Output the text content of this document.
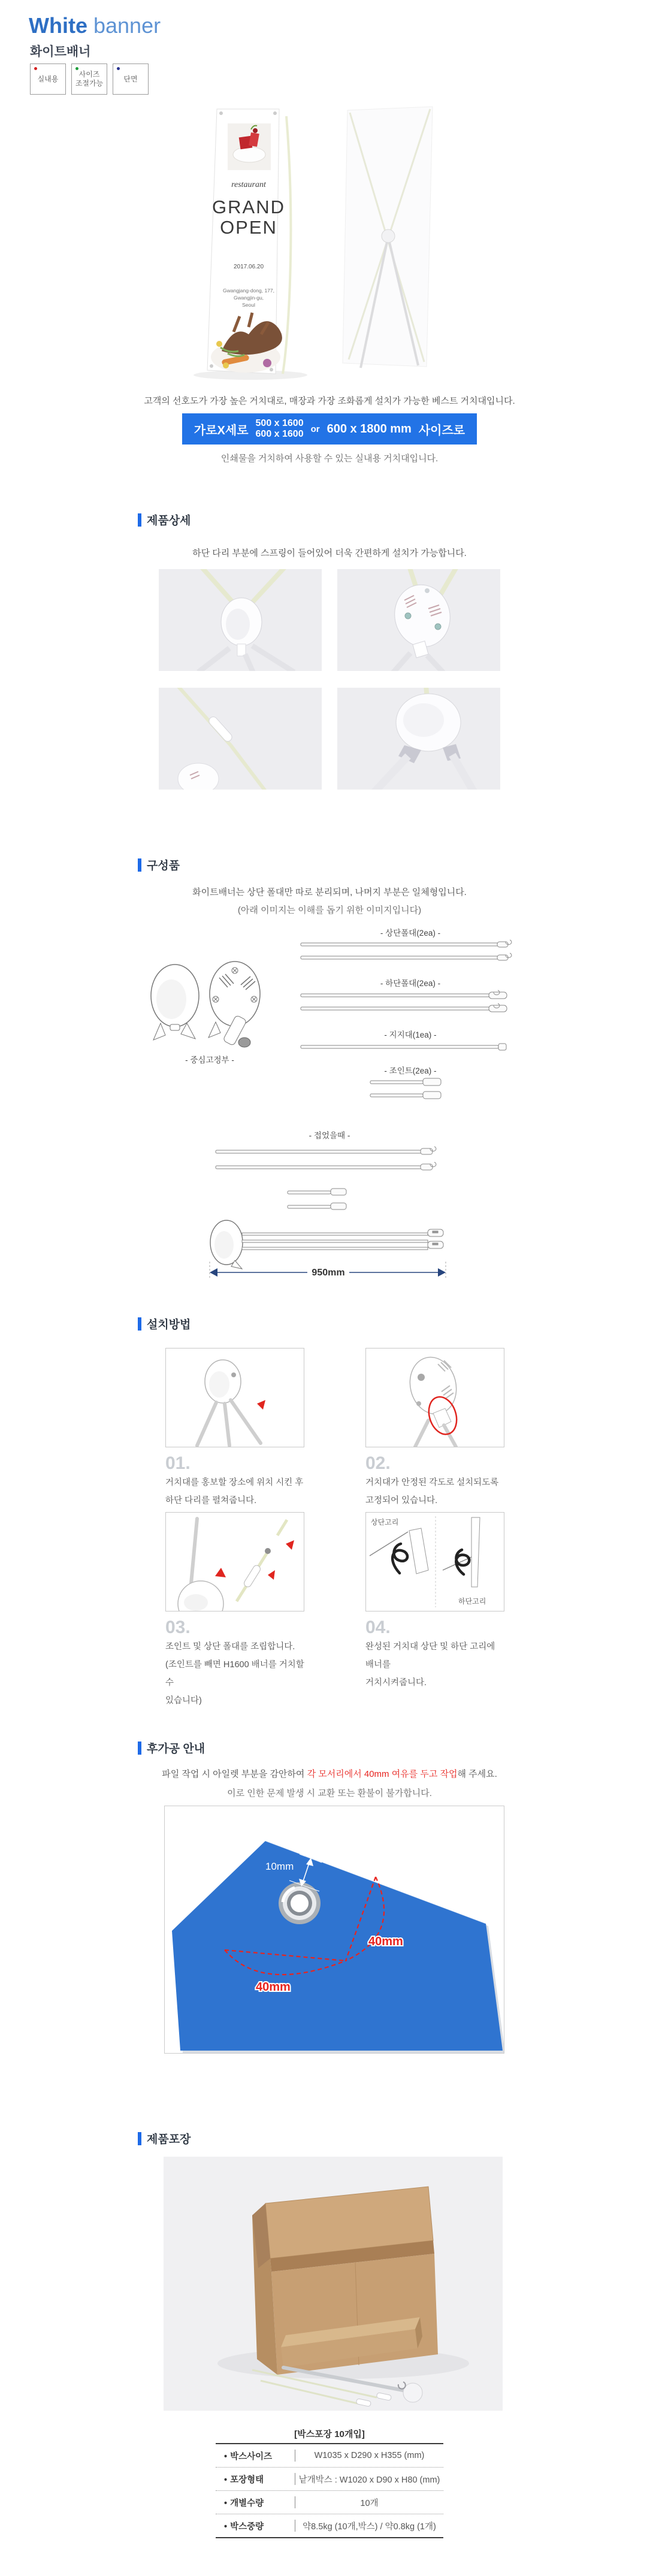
White banner
화이트배너
실내용
사이즈
조절가능
단면
restaurant
GRAND
OPEN
2017.06.20
Gwangjang-dong, 177,
Gwangjin-gu,
Seoul
고객의 선호도가 가장 높은 거치대로, 매장과 가장 조화롭게 설치가 가능한 베스트 거치대입니다.
가로X세로
500 x 1600
600 x 1600 or 600 x 1800 mm 사이즈로
인쇄물을 거치하여 사용할 수 있는 실내용 거치대입니다.
제품상세
하단 다리 부분에 스프링이 들어있어 더욱 간편하게 설치가 가능합니다.
구성품
화이트배너는 상단 폴대만 따로 분리되며, 나머지 부분은 일체형입니다.
(아래 이미지는 이해를 돕기 위한 이미지입니다)
- 중심고정부 -
- 상단폴대(2ea) -
- 하단폴대(2ea) -
- 지지대(1ea) -
- 조인트(2ea) -
- 접었을때 -
950mm
설치방법
01.
거치대를 홍보할 장소에 위치 시킨 후
하단 다리를 펼쳐줍니다.
02.
거치대가 안정된 각도로 설치되도록
고정되어 있습니다.
03.
조인트 및 상단 폴대를 조립합니다.
(조인트를 빼면 H1600 배너를 거치할 수
있습니다)
상단고리
하단고리
04.
완성된 거치대 상단 및 하단 고리에 배너를
거치시켜줍니다.
후가공 안내
파일 작업 시 아일렛 부분을 감안하여 각 모서리에서 40mm 여유를 두고 작업해 주세요.
이로 인한 문제 발생 시 교환 또는 환불이 불가합니다.
10mm
40mm
40mm
제품포장
[박스포장 10개입]
• 박스사이즈	W1035 x D290 x H355 (mm)
• 포장형태	낱개박스 : W1020 x D90 x H80 (mm)
• 개별수량	10개
• 박스중량	약8.5kg (10개,박스) / 약0.8kg (1개)
